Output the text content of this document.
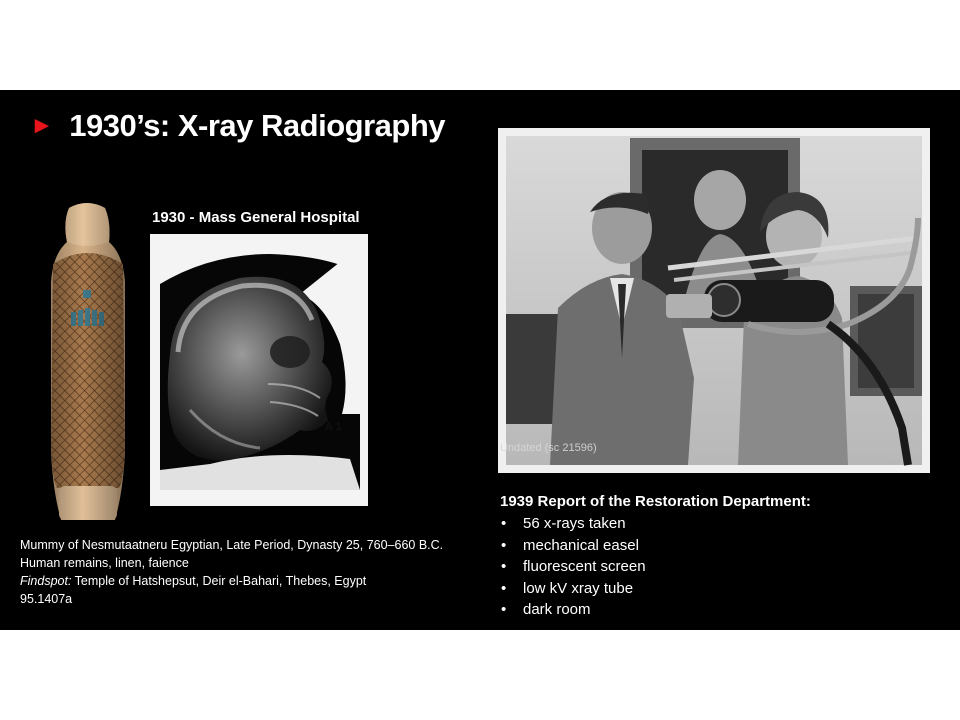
► 1930’s: X-ray Radiography
1930 - Mass General Hospital
A 1
Undated (sc 21596)
1939 Report of the Restoration Department:
• 56 x-rays taken
• mechanical easel
• fluorescent screen
• low kV xray tube
• dark room
Mummy of Nesmutaatneru Egyptian, Late Period, Dynasty 25, 760–660 B.C.
Human remains, linen, faience
Findspot: Temple of Hatshepsut, Deir el-Bahari, Thebes, Egypt
95.1407a
